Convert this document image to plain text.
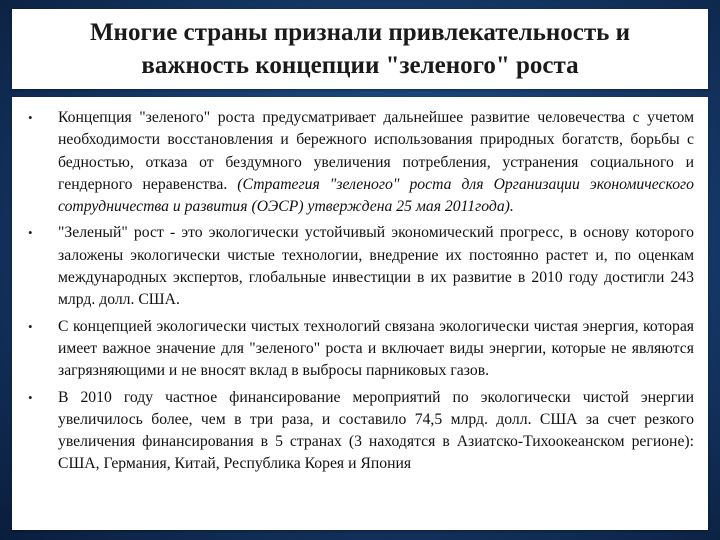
Многие страны признали привлекательность и
важность концепции "зеленого" роста
• Концепция "зеленого" роста предусматривает дальнейшее развитие человечества с учетом необходимости восстановления и бережного использования природных богатств, борьбы с бедностью, отказа от бездумного увеличения потребления, устранения социального и гендерного неравенства. (Стратегия "зеленого" роста для Организации экономического сотрудничества и развития (ОЭСР) утверждена 25 мая 2011года).
• "Зеленый" рост - это экологически устойчивый экономический прогресс, в основу которого заложены экологически чистые технологии, внедрение их постоянно растет и, по оценкам международных экспертов, глобальные инвестиции в их развитие в 2010 году достигли 243 млрд. долл. США.
• С концепцией экологически чистых технологий связана экологически чистая энергия, которая имеет важное значение для "зеленого" роста и включает виды энергии, которые не являются загрязняющими и не вносят вклад в выбросы парниковых газов.
• В 2010 году частное финансирование мероприятий по экологически чистой энергии увеличилось более, чем в три раза, и составило 74,5 млрд. долл. США за счет резкого увеличения финансирования в 5 странах (3 находятся в Азиатско-Тихоокеанском регионе): США, Германия, Китай, Республика Корея и Япония
